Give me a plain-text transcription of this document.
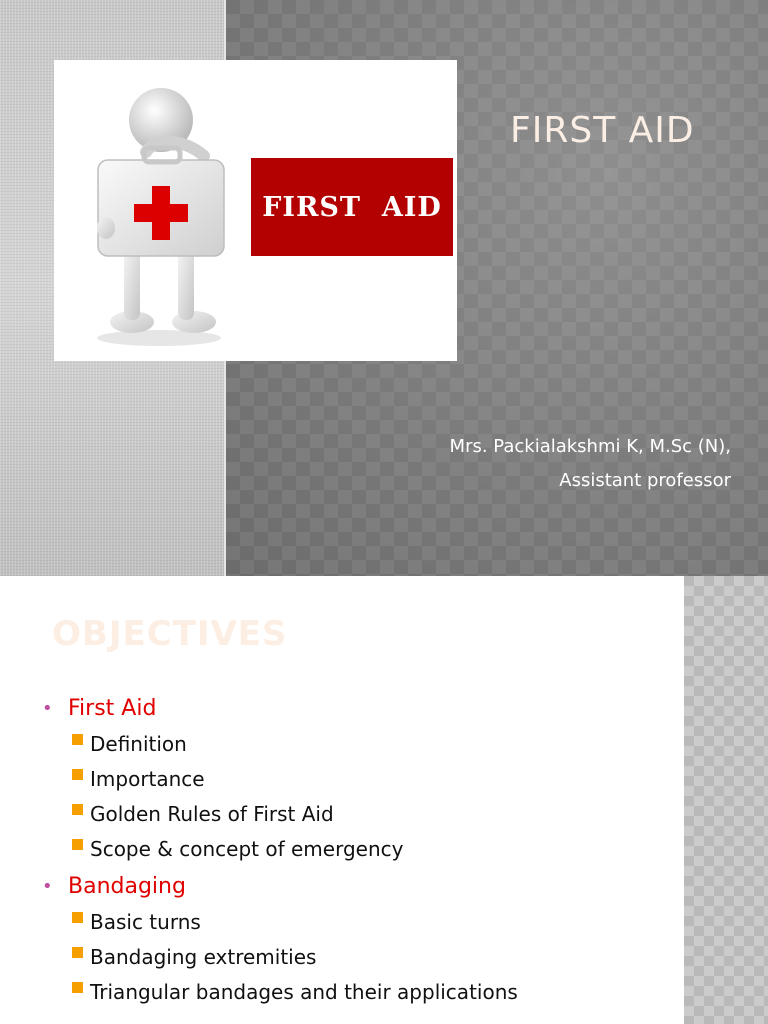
FIRST  AID
FIRST AID
Mrs. Packialakshmi K, M.Sc (N),
Assistant professor
OBJECTIVES
• First Aid
Definition
Importance
Golden Rules of First Aid
Scope & concept of emergency
• Bandaging
Basic turns
Bandaging extremities
Triangular bandages and their applications
